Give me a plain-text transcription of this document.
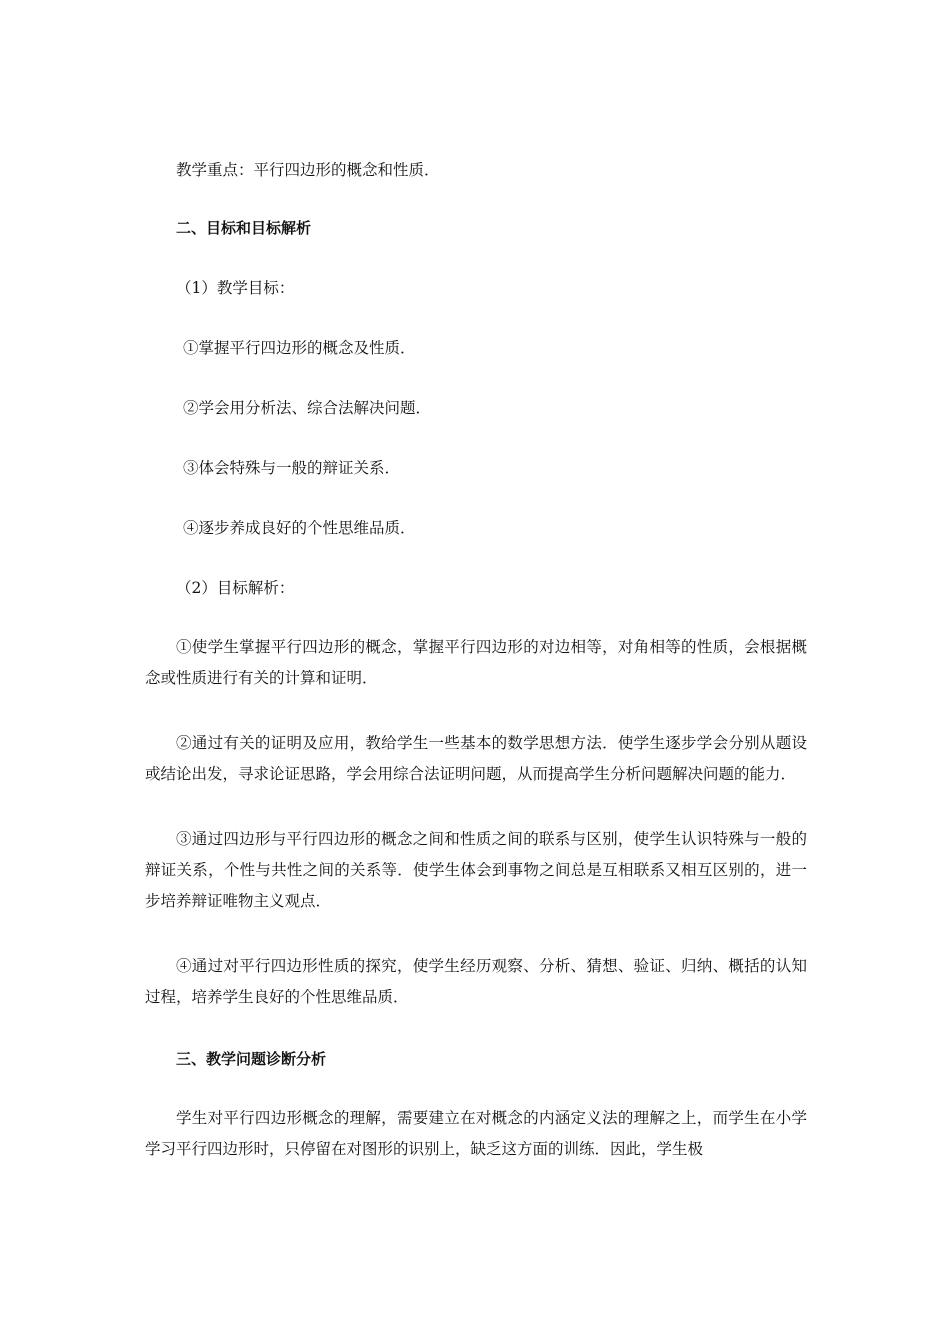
教学重点：平行四边形的概念和性质．
二、目标和目标解析
（1）教学目标：
①掌握平行四边形的概念及性质．
②学会用分析法、综合法解决问题．
③体会特殊与一般的辩证关系．
④逐步养成良好的个性思维品质．
（2）目标解析：
①使学生掌握平行四边形的概念，掌握平行四边形的对边相等，对角相等的性质，会根据概念或性质进行有关的计算和证明．
②通过有关的证明及应用，教给学生一些基本的数学思想方法．使学生逐步学会分别从题设或结论出发，寻求论证思路，学会用综合法证明问题，从而提高学生分析问题解决问题的能力．
③通过四边形与平行四边形的概念之间和性质之间的联系与区别，使学生认识特殊与一般的辩证关系，个性与共性之间的关系等．使学生体会到事物之间总是互相联系又相互区别的，进一步培养辩证唯物主义观点．
④通过对平行四边形性质的探究，使学生经历观察、分析、猜想、验证、归纳、概括的认知过程，培养学生良好的个性思维品质．
三、教学问题诊断分析
学生对平行四边形概念的理解，需要建立在对概念的内涵定义法的理解之上，而学生在小学学习平行四边形时，只停留在对图形的识别上，缺乏这方面的训练．因此，学生极
